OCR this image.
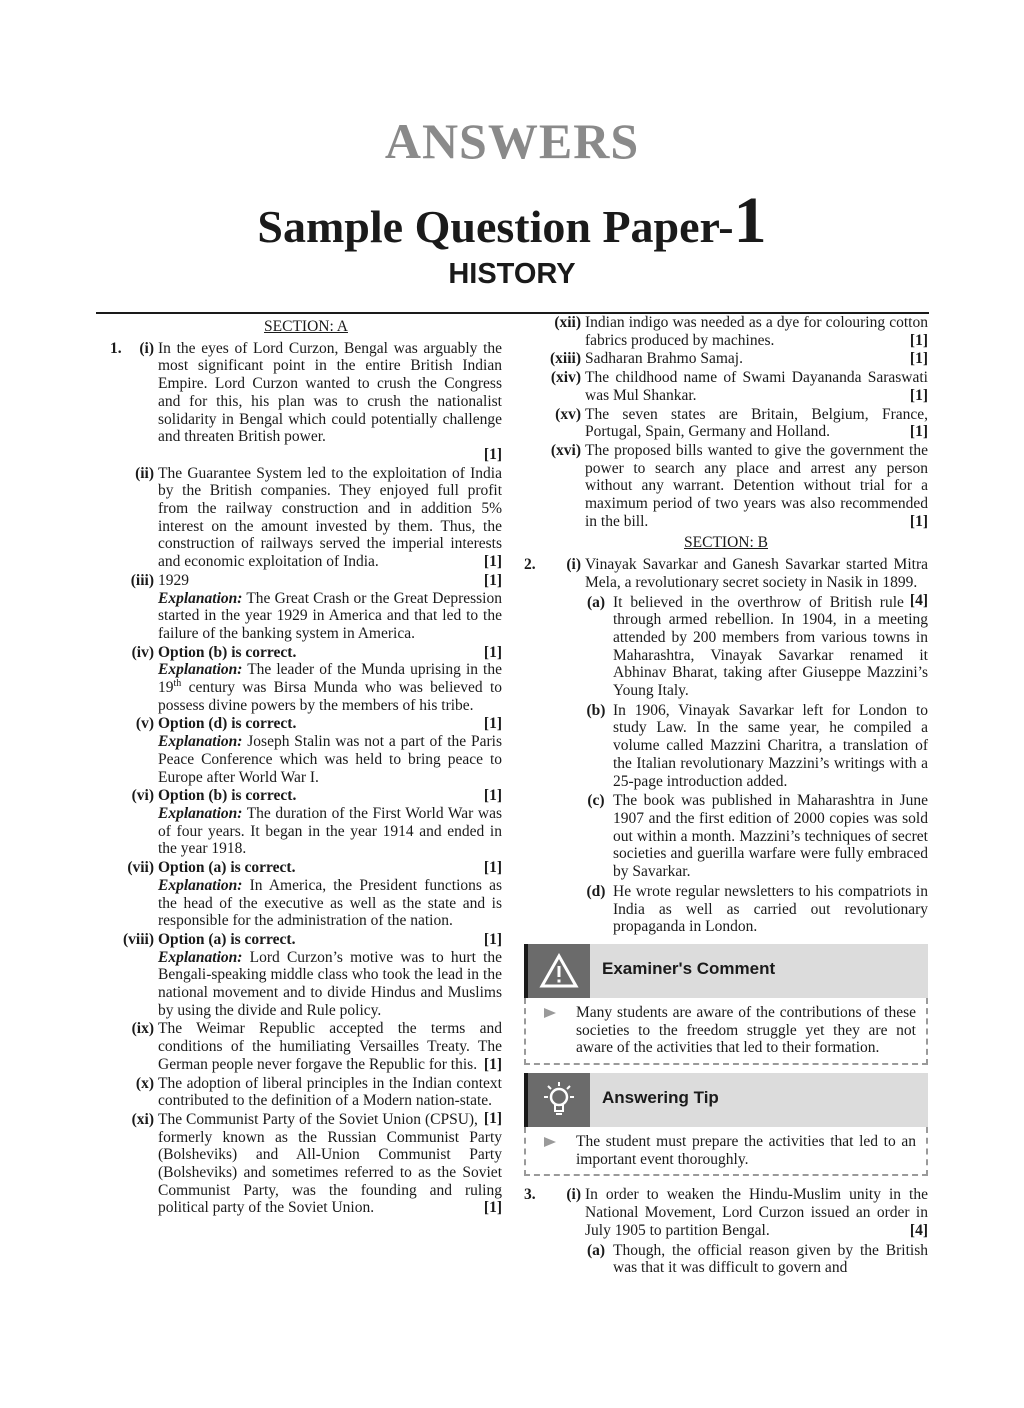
ANSWERS
Sample Question Paper-1
HISTORY
SECTION: A
1.	(i) In the eyes of Lord Curzon, Bengal was arguably the most significant point in the entire British Indian Empire. Lord Curzon wanted to crush the Congress and for this, his plan was to crush the nationalist solidarity in Bengal which could potentially challenge and threaten British power.
[1]
(ii) The Guarantee System led to the exploitation of India by the British companies. They enjoyed full profit from the railway construction and in addition 5% interest on the amount invested by them. Thus, the construction of railways served the imperial interests and economic exploitation of India.	[1]
(iii) 1929	[1]
Explanation: The Great Crash or the Great Depression started in the year 1929 in America and that led to the failure of the banking system in America.
(iv) Option (b) is correct.	[1]
Explanation: The leader of the Munda uprising in the 19th century was Birsa Munda who was believed to possess divine powers by the members of his tribe.
(v) Option (d) is correct.	[1]
Explanation: Joseph Stalin was not a part of the Paris Peace Conference which was held to bring peace to Europe after World War I.
(vi) Option (b) is correct.	[1]
Explanation: The duration of the First World War was of four years. It began in the year 1914 and ended in the year 1918.
(vii) Option (a) is correct.	[1]
Explanation: In America, the President functions as the head of the executive as well as the state and is responsible for the administration of the nation.
(viii) Option (a) is correct.	[1]
Explanation: Lord Curzon’s motive was to hurt the Bengali-speaking middle class who took the lead in the national movement and to divide Hindus and Muslims by using the divide and Rule policy.
(ix) The Weimar Republic accepted the terms and conditions of the humiliating Versailles Treaty. The German people never forgave the Republic for this. [1]
(x) The adoption of liberal principles in the Indian context contributed to the definition of a Modern nation-state.
[1]
(xi) The Communist Party of the Soviet Union (CPSU), formerly known as the Russian Communist Party (Bolsheviks) and All-Union Communist Party (Bolsheviks) and sometimes referred to as the Soviet Communist Party, was the founding and ruling political party of the Soviet Union.	[1]
(xii) Indian indigo was needed as a dye for colouring cotton fabrics produced by machines.	[1]
(xiii) Sadharan Brahmo Samaj.	[1]
(xiv) The childhood name of Swami Dayananda Saraswati was Mul Shankar.	[1]
(xv) The seven states are Britain, Belgium, France, Portugal, Spain, Germany and Holland.	[1]
(xvi) The proposed bills wanted to give the government the power to search any place and arrest any person without any warrant. Detention without trial for a maximum period of two years was also recommended in the bill.	[1]
SECTION: B
2.	(i) Vinayak Savarkar and Ganesh Savarkar started Mitra Mela, a revolutionary secret society in Nasik in 1899.
[4]
(a) It believed in the overthrow of British rule through armed rebellion. In 1904, in a meeting attended by 200 members from various towns in Maharashtra, Vinayak Savarkar renamed it Abhinav Bharat, taking after Giuseppe Mazzini’s Young Italy.
(b) In 1906, Vinayak Savarkar left for London to study Law. In the same year, he compiled a volume called Mazzini Charitra, a translation of the Italian revolutionary Mazzini’s writings with a 25-page introduction added.
(c) The book was published in Maharashtra in June 1907 and the first edition of 2000 copies was sold out within a month. Mazzini’s techniques of secret societies and guerilla warfare were fully embraced by Savarkar.
(d) He wrote regular newsletters to his compatriots in India as well as carried out revolutionary propaganda in London.
Examiner's Comment
Many students are aware of the contributions of these societies to the freedom struggle yet they are not aware of the activities that led to their formation.
Answering Tip
The student must prepare the activities that led to an important event thoroughly.
3.	(i) In order to weaken the Hindu-Muslim unity in the National Movement, Lord Curzon issued an order in July 1905 to partition Bengal.	[4]
(a) Though, the official reason given by the British was that it was difficult to govern and
